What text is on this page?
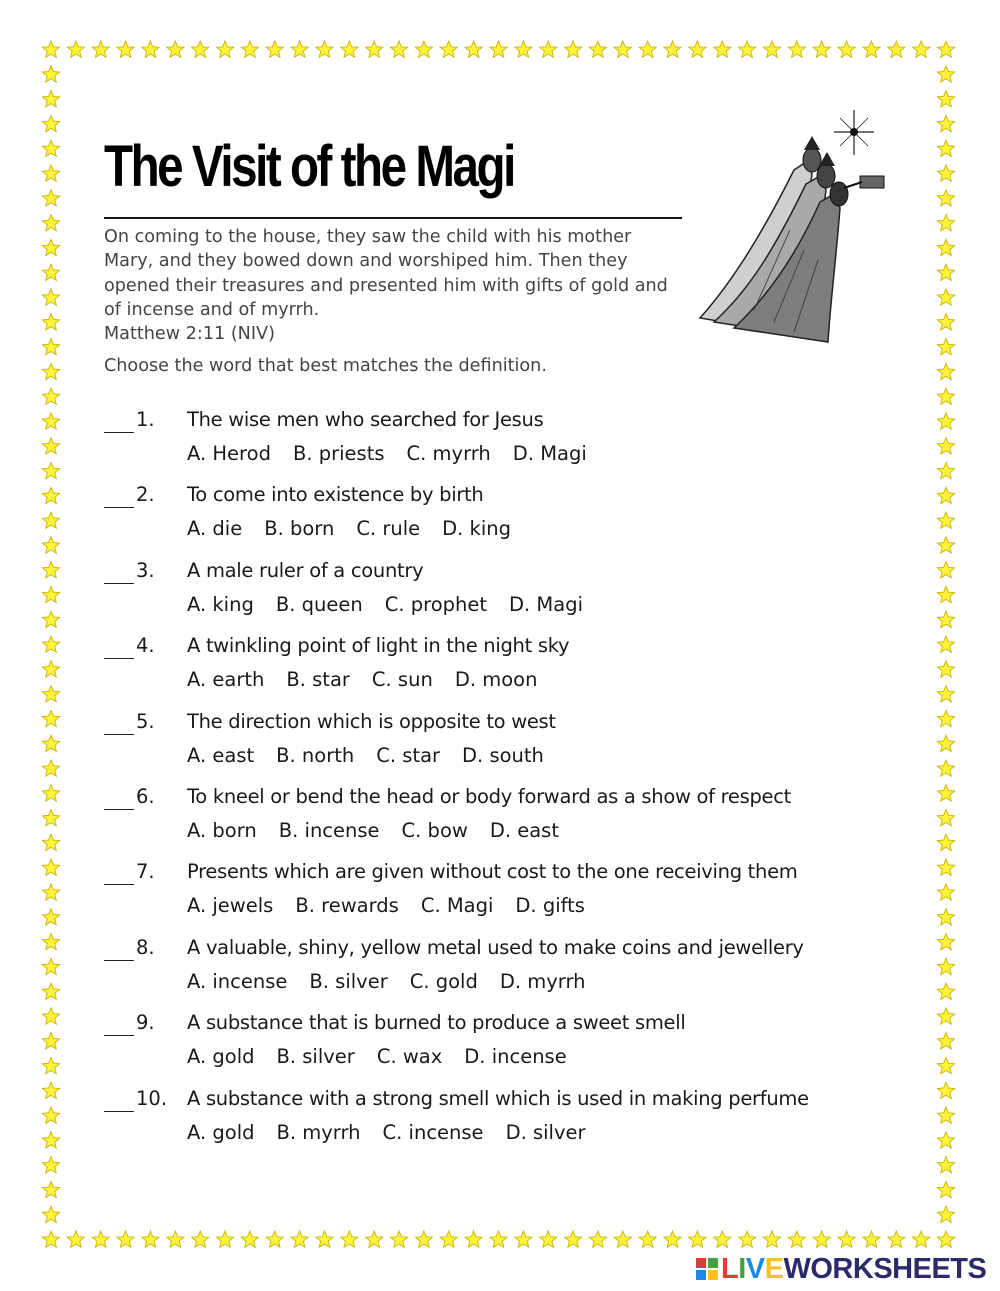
The Visit of the Magi
On coming to the house, they saw the child with his mother Mary, and they bowed down and worshiped him. Then they opened their treasures and presented him with gifts of gold and of incense and of myrrh.
Matthew 2:11 (NIV)
Choose the word that best matches the definition.
1. The wise men who searched for Jesus
A. Herod B. priests C. myrrh D. Magi
2. To come into existence by birth
A. die B. born C. rule D. king
3. A male ruler of a country
A. king B. queen C. prophet D. Magi
4. A twinkling point of light in the night sky
A. earth B. star C. sun D. moon
5. The direction which is opposite to west
A. east B. north C. star D. south
6. To kneel or bend the head or body forward as a show of respect
A. born B. incense C. bow D. east
7. Presents which are given without cost to the one receiving them
A. jewels B. rewards C. Magi D. gifts
8. A valuable, shiny, yellow metal used to make coins and jewellery
A. incense B. silver C. gold D. myrrh
9. A substance that is burned to produce a sweet smell
A. gold B. silver C. wax D. incense
10. A substance with a strong smell which is used in making perfume
A. gold B. myrrh C. incense D. silver
LIVEWORKSHEETS
